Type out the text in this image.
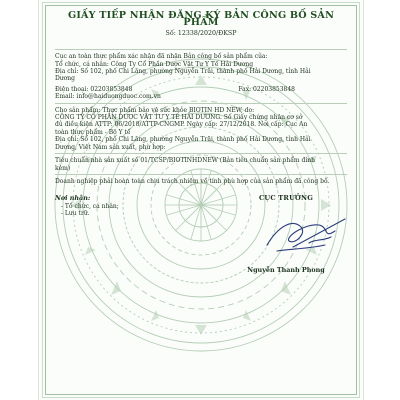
GIẤY TIẾP NHẬN ĐĂNG KÝ BẢN CÔNG BỐ SẢN PHẨM
Số: 12338/2020/ĐKSP

Cục an toàn thực phẩm xác nhận đã nhận Bản công bố sản phẩm của:

Tổ chức, cá nhân: Công Ty Cổ Phần Dược Vật Tư Y Tế Hải Dương

Địa chỉ: Số 102, phố Chi Lăng, phường Nguyễn Trãi, thành phố Hải Dương, tỉnh Hải

Dương

Điện thoại: 02203853848	Fax: 02203853848

Email: info@haiduongduoc.com.vn

Cho sản phẩm: Thực phẩm bảo vệ sức khỏe BIOTIN HD NEW, do:

CÔNG TY CỔ PHẦN DƯỢC VẬT TƯ Y TẾ HẢI DƯƠNG. Số Giấy chứng nhận cơ sở

đủ điều kiện ATTP: 06/2018/ATTP-CNGMP. Ngày cấp: 27/12/2018. Nơi cấp: Cục An

toàn thực phẩm - Bộ Y tế

Địa chỉ: Số 102, phố Chi Lăng, phường Nguyễn Trãi, thành phố Hải Dương, tỉnh Hải

Dương, Việt Nam sản xuất, phù hợp:

Tiêu chuẩn nhà sản xuất số 01/TCSP/BIOTINHDNEW (Bản tiêu chuẩn sản phẩm đính

kèm)

Doanh nghiệp phải hoàn toàn chịu trách nhiệm về tính phù hợp của sản phẩm đã công bố.

Nơi nhận:
- Tổ chức, cá nhân;
- Lưu trữ.
CỤC TRƯỞNG
Nguyễn Thanh Phong
